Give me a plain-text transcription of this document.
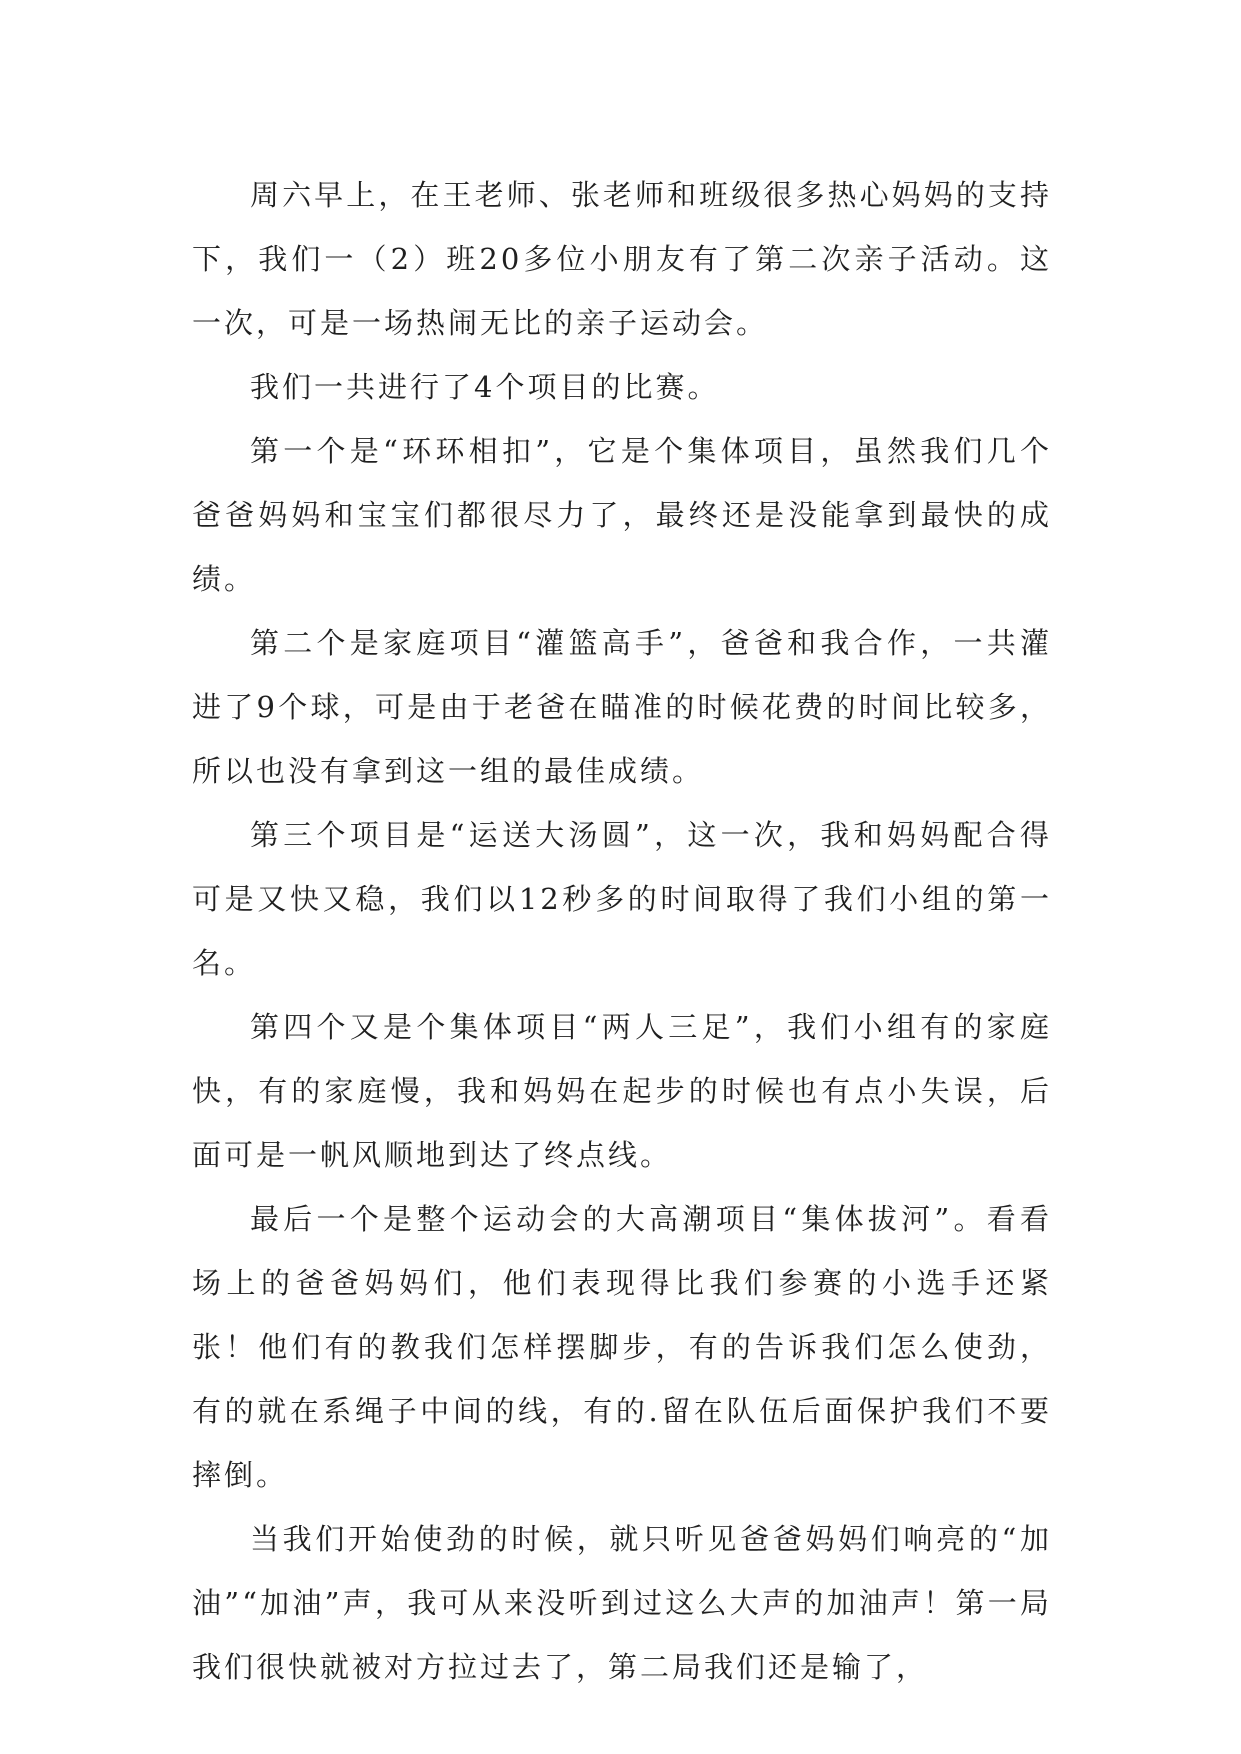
周六早上，在王老师、张老师和班级很多热心妈妈的支持下，我们一（2）班20多位小朋友有了第二次亲子活动。这一次，可是一场热闹无比的亲子运动会。

我们一共进行了4个项目的比赛。

第一个是“环环相扣”，它是个集体项目，虽然我们几个爸爸妈妈和宝宝们都很尽力了，最终还是没能拿到最快的成绩。

第二个是家庭项目“灌篮高手”，爸爸和我合作，一共灌进了9个球，可是由于老爸在瞄准的时候花费的时间比较多，所以也没有拿到这一组的最佳成绩。

第三个项目是“运送大汤圆”，这一次，我和妈妈配合得可是又快又稳，我们以12秒多的时间取得了我们小组的第一名。

第四个又是个集体项目“两人三足”，我们小组有的家庭快，有的家庭慢，我和妈妈在起步的时候也有点小失误，后面可是一帆风顺地到达了终点线。

最后一个是整个运动会的大高潮项目“集体拔河”。看看场上的爸爸妈妈们，他们表现得比我们参赛的小选手还紧张！他们有的教我们怎样摆脚步，有的告诉我们怎么使劲，有的就在系绳子中间的线，有的.留在队伍后面保护我们不要摔倒。

当我们开始使劲的时候，就只听见爸爸妈妈们响亮的“加油”“加油”声，我可从来没听到过这么大声的加油声！第一局我们很快就被对方拉过去了，第二局我们还是输了，
